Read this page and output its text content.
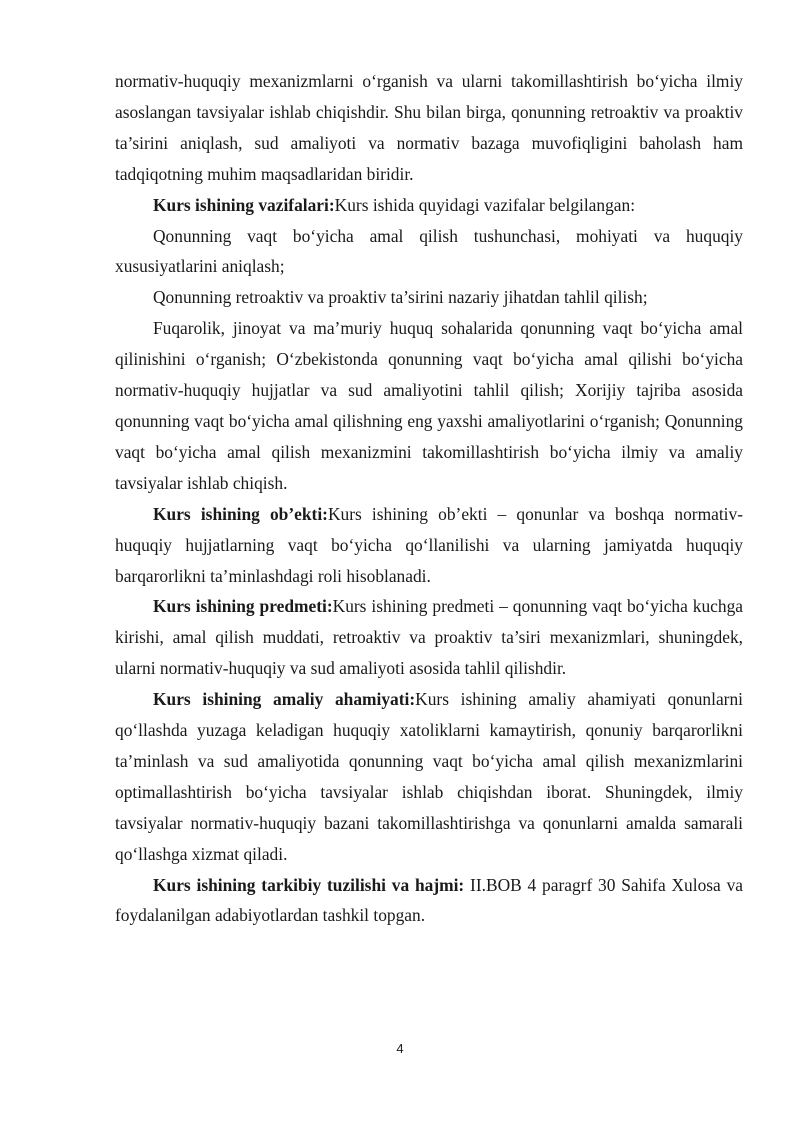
normativ-huquqiy mexanizmlarni o‘rganish va ularni takomillashtirish bo‘yicha ilmiy asoslangan tavsiyalar ishlab chiqishdir. Shu bilan birga, qonunning retroaktiv va proaktiv ta’sirini aniqlash, sud amaliyoti va normativ bazaga muvofiqligini baholash ham tadqiqotning muhim maqsadlaridan biridir.

Kurs ishining vazifalari:Kurs ishida quyidagi vazifalar belgilangan:

Qonunning vaqt bo‘yicha amal qilish tushunchasi, mohiyati va huquqiy xususiyatlarini aniqlash;

Qonunning retroaktiv va proaktiv ta’sirini nazariy jihatdan tahlil qilish;

Fuqarolik, jinoyat va ma’muriy huquq sohalarida qonunning vaqt bo‘yicha amal qilinishini o‘rganish; O‘zbekistonda qonunning vaqt bo‘yicha amal qilishi bo‘yicha normativ-huquqiy hujjatlar va sud amaliyotini tahlil qilish; Xorijiy tajriba asosida qonunning vaqt bo‘yicha amal qilishning eng yaxshi amaliyotlarini o‘rganish; Qonunning vaqt bo‘yicha amal qilish mexanizmini takomillashtirish bo‘yicha ilmiy va amaliy tavsiyalar ishlab chiqish.

Kurs ishining ob’ekti:Kurs ishining ob’ekti – qonunlar va boshqa normativ-huquqiy hujjatlarning vaqt bo‘yicha qo‘llanilishi va ularning jamiyatda huquqiy barqarorlikni ta’minlashdagi roli hisoblanadi.

Kurs ishining predmeti:Kurs ishining predmeti – qonunning vaqt bo‘yicha kuchga kirishi, amal qilish muddati, retroaktiv va proaktiv ta’siri mexanizmlari, shuningdek, ularni normativ-huquqiy va sud amaliyoti asosida tahlil qilishdir.

Kurs ishining amaliy ahamiyati:Kurs ishining amaliy ahamiyati qonunlarni qo‘llashda yuzaga keladigan huquqiy xatoliklarni kamaytirish, qonuniy barqarorlikni ta’minlash va sud amaliyotida qonunning vaqt bo‘yicha amal qilish mexanizmlarini optimallashtirish bo‘yicha tavsiyalar ishlab chiqishdan iborat. Shuningdek, ilmiy tavsiyalar normativ-huquqiy bazani takomillashtirishga va qonunlarni amalda samarali qo‘llashga xizmat qiladi.

Kurs ishining tarkibiy tuzilishi va hajmi: II.BOB 4 paragrf 30 Sahifa Xulosa va foydalanilgan adabiyotlardan tashkil topgan.

4
